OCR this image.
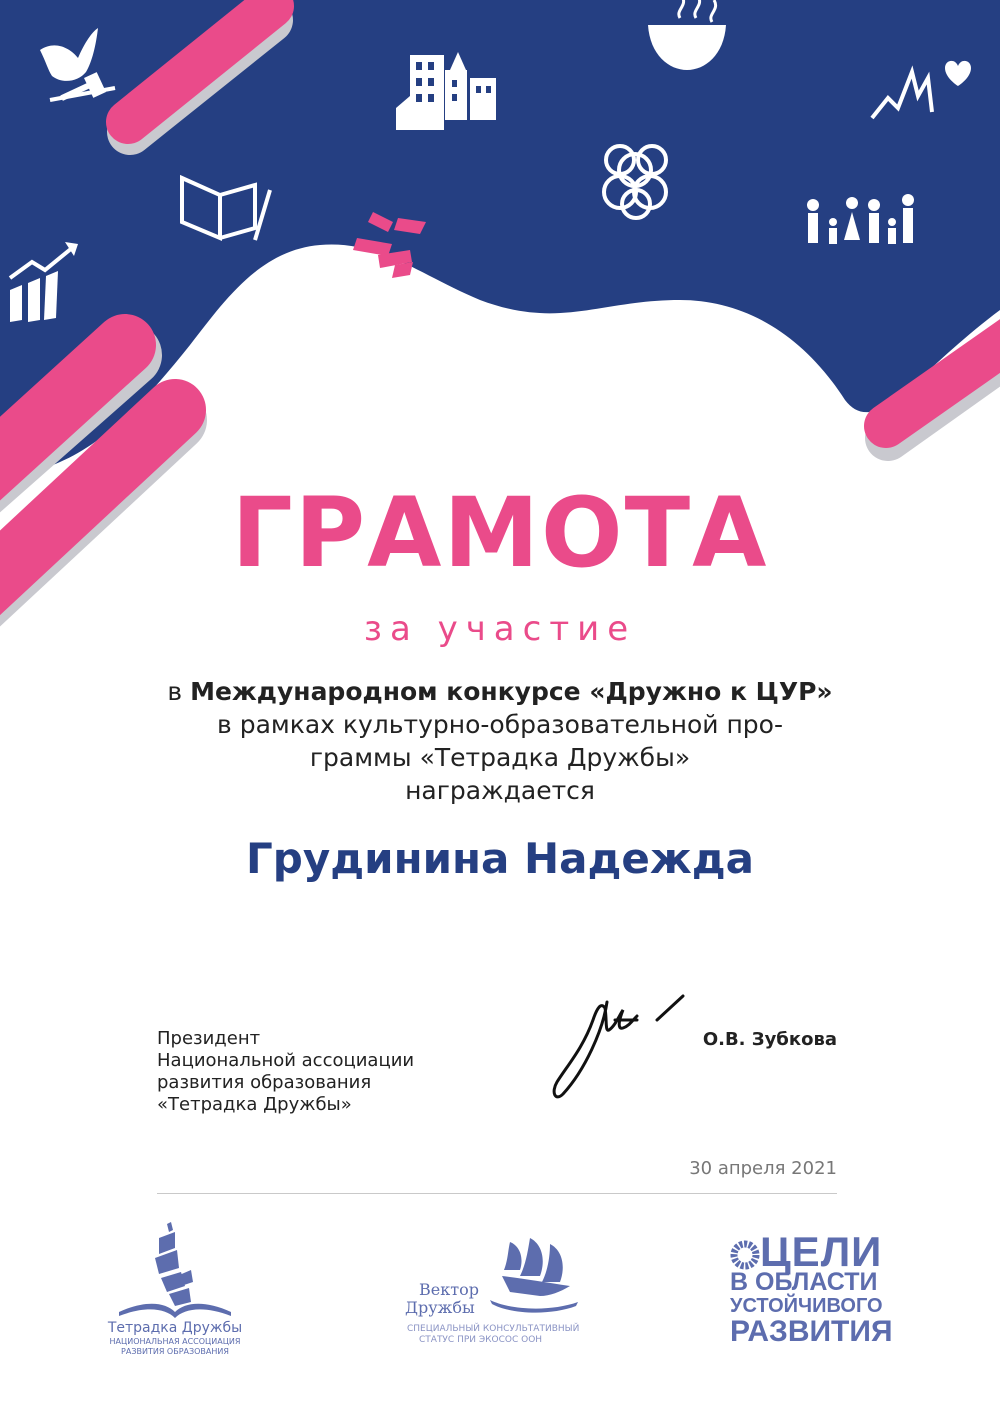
ГРАМОТА
за участие
в Международном конкурсе «Дружно к ЦУР»
в рамках культурно-образовательной про-
граммы «Тетрадка Дружбы»
награждается
Грудинина Надежда
Президент
Национальной ассоциации
развития образования
«Тетрадка Дружбы»
О.В. Зубкова
30 апреля 2021
Тетрадка Дружбы
НАЦИОНАЛЬНАЯ АССОЦИАЦИЯ
РАЗВИТИЯ ОБРАЗОВАНИЯ
Вектор
Дружбы
СПЕЦИАЛЬНЫЙ КОНСУЛЬТАТИВНЫЙ
СТАТУС ПРИ ЭКОСОС ООН
ЦЕЛИ
В ОБЛАСТИ
УСТОЙЧИВОГО
РАЗВИТИЯ
